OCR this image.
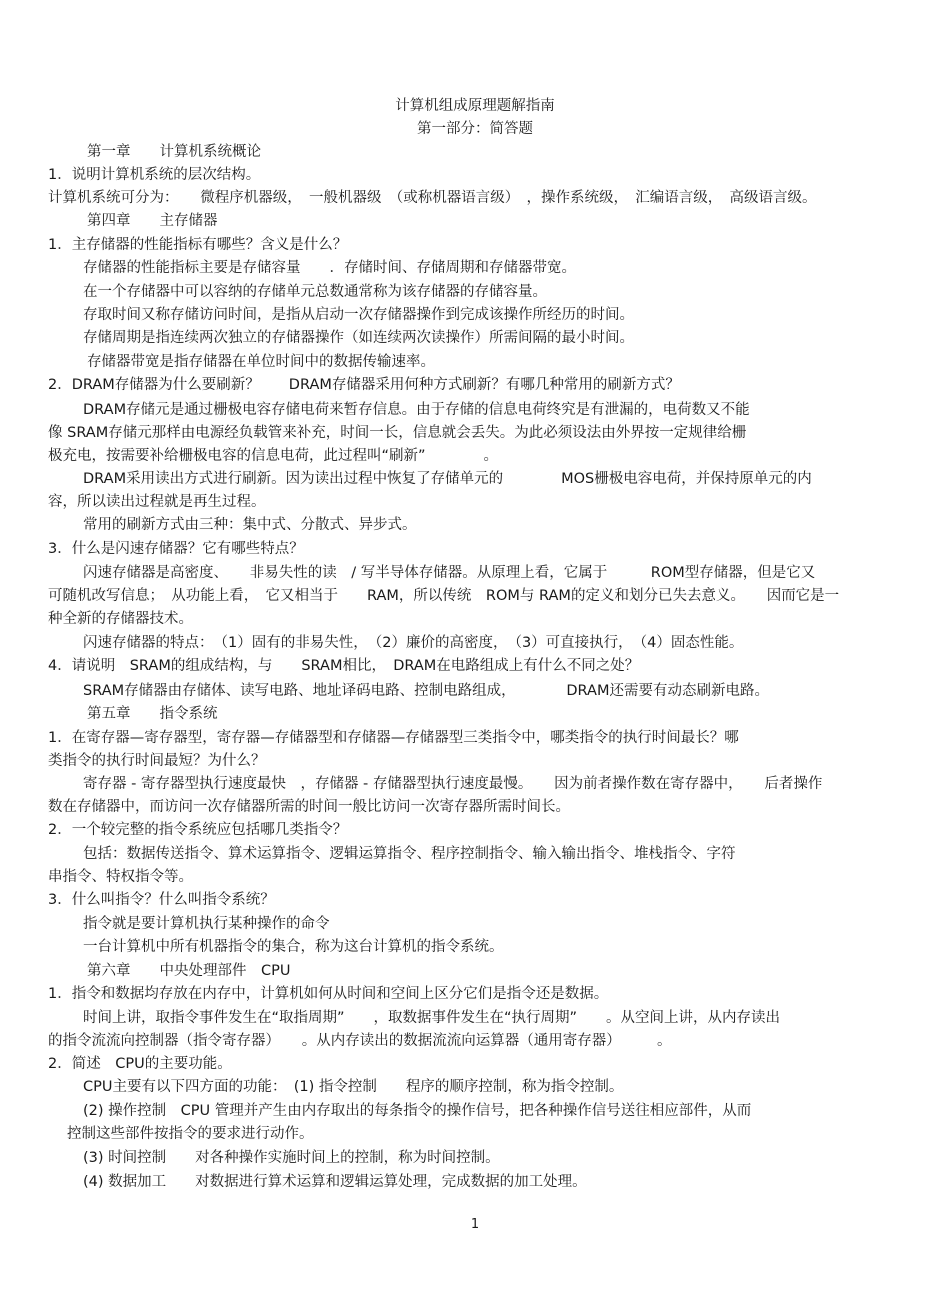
计算机组成原理题解指南
第一部分：简答题
第一章　　计算机系统概论
1．说明计算机系统的层次结构。
计算机系统可分为：　　微程序机器级，　一般机器级　（或称机器语言级）　，操作系统级，　汇编语言级，　高级语言级。
第四章　　主存储器
1．主存储器的性能指标有哪些？含义是什么？
存储器的性能指标主要是存储容量　　．存储时间、存储周期和存储器带宽。
在一个存储器中可以容纳的存储单元总数通常称为该存储器的存储容量。
存取时间又称存储访问时间，是指从启动一次存储器操作到完成该操作所经历的时间。
存储周期是指连续两次独立的存储器操作（如连续两次读操作）所需间隔的最小时间。
存储器带宽是指存储器在单位时间中的数据传输速率。
2．DRAM存储器为什么要刷新？　　DRAM存储器采用何种方式刷新？有哪几种常用的刷新方式？
DRAM存储元是通过栅极电容存储电荷来暂存信息。由于存储的信息电荷终究是有泄漏的，电荷数又不能
像 SRAM存储元那样由电源经负载管来补充，时间一长，信息就会丢失。为此必须设法由外界按一定规律给栅
极充电，按需要补给栅极电容的信息电荷，此过程叫“刷新”　　　　。
DRAM采用读出方式进行刷新。因为读出过程中恢复了存储单元的　　　　MOS栅极电容电荷，并保持原单元的内
容，所以读出过程就是再生过程。
常用的刷新方式由三种：集中式、分散式、异步式。
3．什么是闪速存储器？它有哪些特点？
闪速存储器是高密度、　　非易失性的读　/ 写半导体存储器。从原理上看，它属于　　　ROM型存储器，但是它又
可随机改写信息；　从功能上看，　它又相当于　　RAM，所以传统　ROM与 RAM的定义和划分已失去意义。　　因而它是一
种全新的存储器技术。
闪速存储器的特点：　（1）固有的非易失性，　（2）廉价的高密度，　（3）可直接执行，　（4）固态性能。
4．请说明　SRAM的组成结构，与　　SRAM相比，　DRAM在电路组成上有什么不同之处？
SRAM存储器由存储体、读写电路、地址译码电路、控制电路组成，　　　　DRAM还需要有动态刷新电路。
第五章　　指令系统
1．在寄存器—寄存器型，寄存器—存储器型和存储器—存储器型三类指令中，哪类指令的执行时间最长？哪
类指令的执行时间最短？为什么？
寄存器 - 寄存器型执行速度最快　，存储器 - 存储器型执行速度最慢。　　因为前者操作数在寄存器中，　　后者操作
数在存储器中，而访问一次存储器所需的时间一般比访问一次寄存器所需时间长。
2．一个较完整的指令系统应包括哪几类指令？
包括：数据传送指令、算术运算指令、逻辑运算指令、程序控制指令、输入输出指令、堆栈指令、字符
串指令、特权指令等。
3．什么叫指令？什么叫指令系统？
指令就是要计算机执行某种操作的命令
一台计算机中所有机器指令的集合，称为这台计算机的指令系统。
第六章　　中央处理部件　CPU
1．指令和数据均存放在内存中，计算机如何从时间和空间上区分它们是指令还是数据。
时间上讲，取指令事件发生在“取指周期”　　，取数据事件发生在“执行周期”　　。从空间上讲，从内存读出
的指令流流向控制器（指令寄存器）　　。从内存读出的数据流流向运算器（通用寄存器）　　　。
2．简述　CPU的主要功能。
CPU主要有以下四方面的功能：　(1) 指令控制　　程序的顺序控制，称为指令控制。
(2) 操作控制　CPU 管理并产生由内存取出的每条指令的操作信号，把各种操作信号送往相应部件，从而
控制这些部件按指令的要求进行动作。
(3) 时间控制　　对各种操作实施时间上的控制，称为时间控制。
(4) 数据加工　　对数据进行算术运算和逻辑运算处理，完成数据的加工处理。
1
